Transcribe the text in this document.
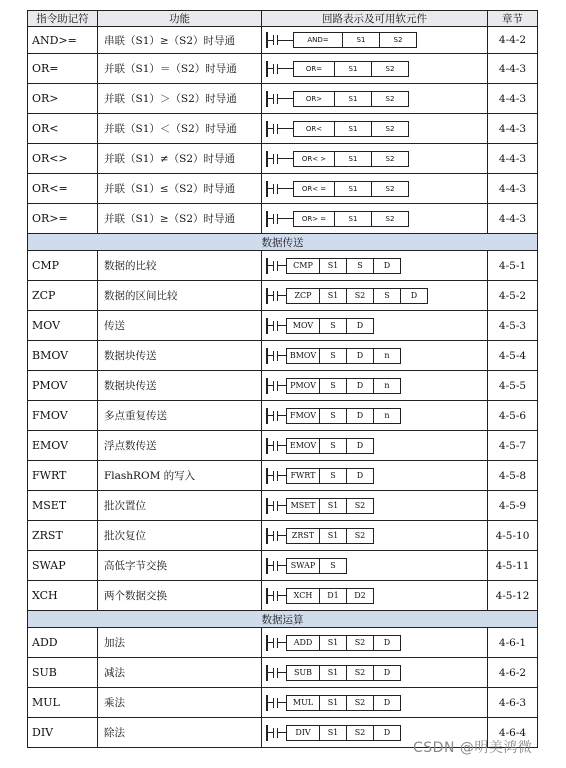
指令助记符	功能	回路表示及可用软元件	章节
AND>=	串联（S1）≥（S2）时导通	AND= S1 S2	4-4-2
OR=	并联（S1）＝（S2）时导通	OR= S1 S2	4-4-3
OR>	并联（S1）＞（S2）时导通	OR> S1 S2	4-4-3
OR<	并联（S1）＜（S2）时导通	OR< S1 S2	4-4-3
OR<>	并联（S1）≠（S2）时导通	OR< > S1 S2	4-4-3
OR<=	并联（S1）≤（S2）时导通	OR< = S1 S2	4-4-3
OR>=	并联（S1）≥（S2）时导通	OR> = S1 S2	4-4-3
数据传送			
CMP	数据的比较	CMP S1 S D	4-5-1
ZCP	数据的区间比较	ZCP S1 S2 S D	4-5-2
MOV	传送	MOV S D	4-5-3
BMOV	数据块传送	BMOV S D n	4-5-4
PMOV	数据块传送	PMOV S D n	4-5-5
FMOV	多点重复传送	FMOV S D n	4-5-6
EMOV	浮点数传送	EMOV S D	4-5-7
FWRT	FlashROM 的写入	FWRT S D	4-5-8
MSET	批次置位	MSET S1 S2	4-5-9
ZRST	批次复位	ZRST S1 S2	4-5-10
SWAP	高低字节交换	SWAP S	4-5-11
XCH	两个数据交换	XCH D1 D2	4-5-12
数据运算			
ADD	加法	ADD S1 S2 D	4-6-1
SUB	减法	SUB S1 S2 D	4-6-2
MUL	乘法	MUL S1 S2 D	4-6-3
DIV	除法	DIV S1 S2 D	4-6-4
CSDN @明美鸿微
